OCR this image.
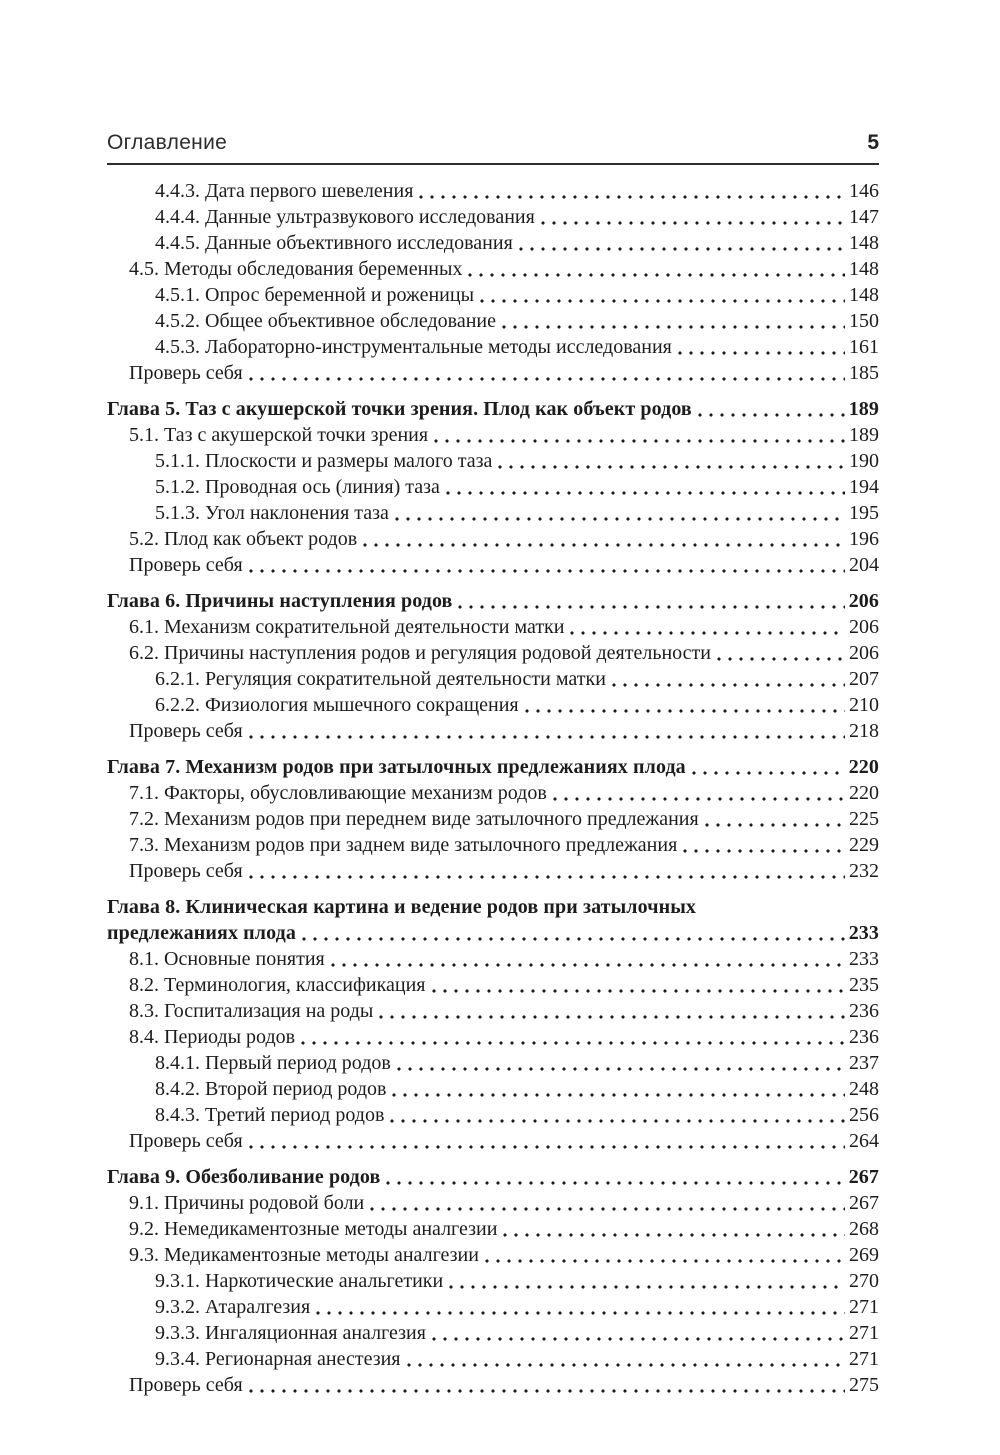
Оглавление	5
4.4.3. Дата первого шевеления	146
4.4.4. Данные ультразвукового исследования	147
4.4.5. Данные объективного исследования	148
4.5. Методы обследования беременных	148
4.5.1. Опрос беременной и роженицы	148
4.5.2. Общее объективное обследование	150
4.5.3. Лабораторно-инструментальные методы исследования	161
Проверь себя	185
Глава 5. Таз с акушерской точки зрения. Плод как объект родов	189
5.1. Таз с акушерской точки зрения	189
5.1.1. Плоскости и размеры малого таза	190
5.1.2. Проводная ось (линия) таза	194
5.1.3. Угол наклонения таза	195
5.2. Плод как объект родов	196
Проверь себя	204
Глава 6. Причины наступления родов	206
6.1. Механизм сократительной деятельности матки	206
6.2. Причины наступления родов и регуляция родовой деятельности	206
6.2.1. Регуляция сократительной деятельности матки	207
6.2.2. Физиология мышечного сокращения	210
Проверь себя	218
Глава 7. Механизм родов при затылочных предлежаниях плода	220
7.1. Факторы, обусловливающие механизм родов	220
7.2. Механизм родов при переднем виде затылочного предлежания	225
7.3. Механизм родов при заднем виде затылочного предлежания	229
Проверь себя	232
Глава 8. Клиническая картина и ведение родов при затылочных
предлежаниях плода	233
8.1. Основные понятия	233
8.2. Терминология, классификация	235
8.3. Госпитализация на роды	236
8.4. Периоды родов	236
8.4.1. Первый период родов	237
8.4.2. Второй период родов	248
8.4.3. Третий период родов	256
Проверь себя	264
Глава 9. Обезболивание родов	267
9.1. Причины родовой боли	267
9.2. Немедикаментозные методы аналгезии	268
9.3. Медикаментозные методы аналгезии	269
9.3.1. Наркотические анальгетики	270
9.3.2. Атаралгезия	271
9.3.3. Ингаляционная аналгезия	271
9.3.4. Регионарная анестезия	271
Проверь себя	275
